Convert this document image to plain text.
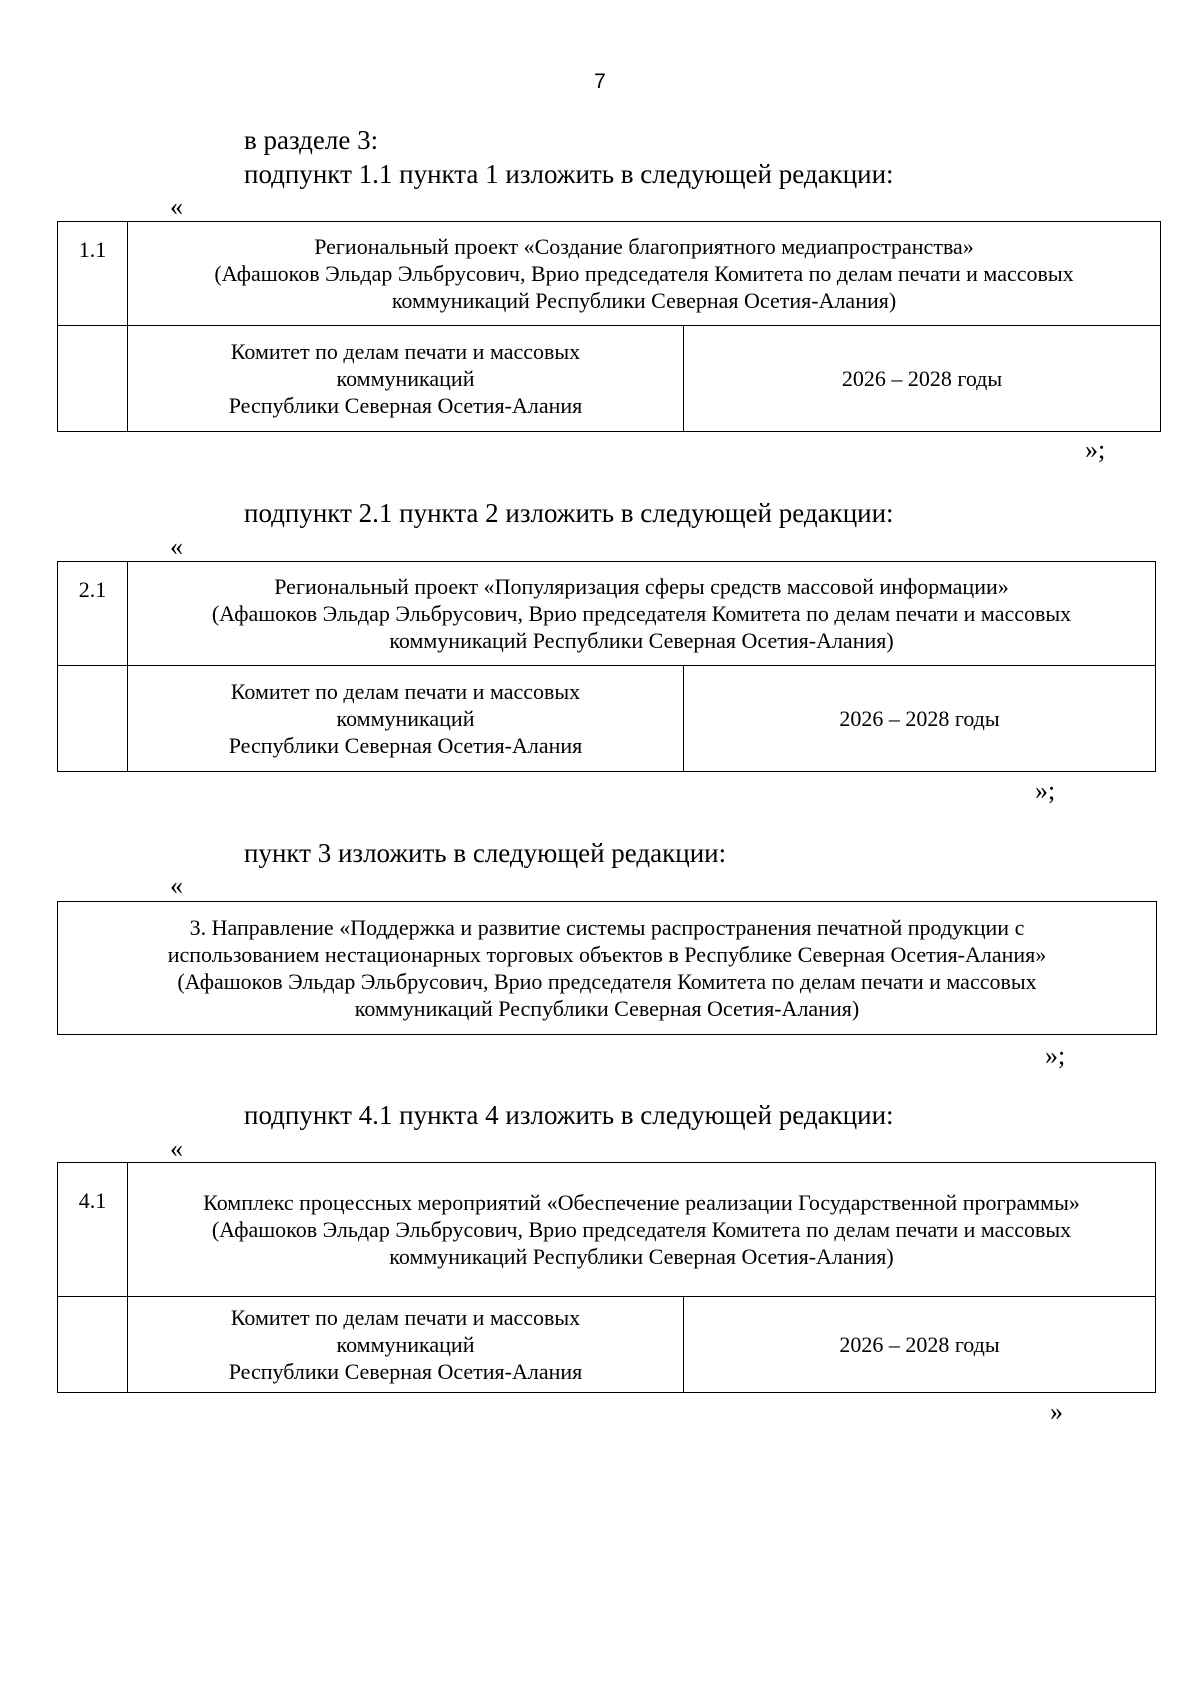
7
в разделе 3:
подпункт 1.1 пункта 1 изложить в следующей редакции:
«
1.1	Региональный проект «Создание благоприятного медиапространства»
(Афашоков Эльдар Эльбрусович, Врио председателя Комитета по делам печати и массовых
коммуникаций Республики Северная Осетия-Алания)	

	Комитет по делам печати и массовых
коммуникаций
Республики Северная Осетия-Алания	2026 – 2028 годы
»;
подпункт 2.1 пункта 2 изложить в следующей редакции:
«
2.1	Региональный проект «Популяризация сферы средств массовой информации»
(Афашоков Эльдар Эльбрусович, Врио председателя Комитета по делам печати и массовых
коммуникаций Республики Северная Осетия-Алания)	

	Комитет по делам печати и массовых
коммуникаций
Республики Северная Осетия-Алания	2026 – 2028 годы
»;
пункт 3 изложить в следующей редакции:
«
3. Направление «Поддержка и развитие системы распространения печатной продукции с
использованием нестационарных торговых объектов в Республике Северная Осетия-Алания»
(Афашоков Эльдар Эльбрусович, Врио председателя Комитета по делам печати и массовых
коммуникаций Республики Северная Осетия-Алания)
»;
подпункт 4.1 пункта 4 изложить в следующей редакции:
«
4.1	Комплекс процессных мероприятий «Обеспечение реализации Государственной программы»
(Афашоков Эльдар Эльбрусович, Врио председателя Комитета по делам печати и массовых
коммуникаций Республики Северная Осетия-Алания)	

	Комитет по делам печати и массовых
коммуникаций
Республики Северная Осетия-Алания	2026 – 2028 годы
»
